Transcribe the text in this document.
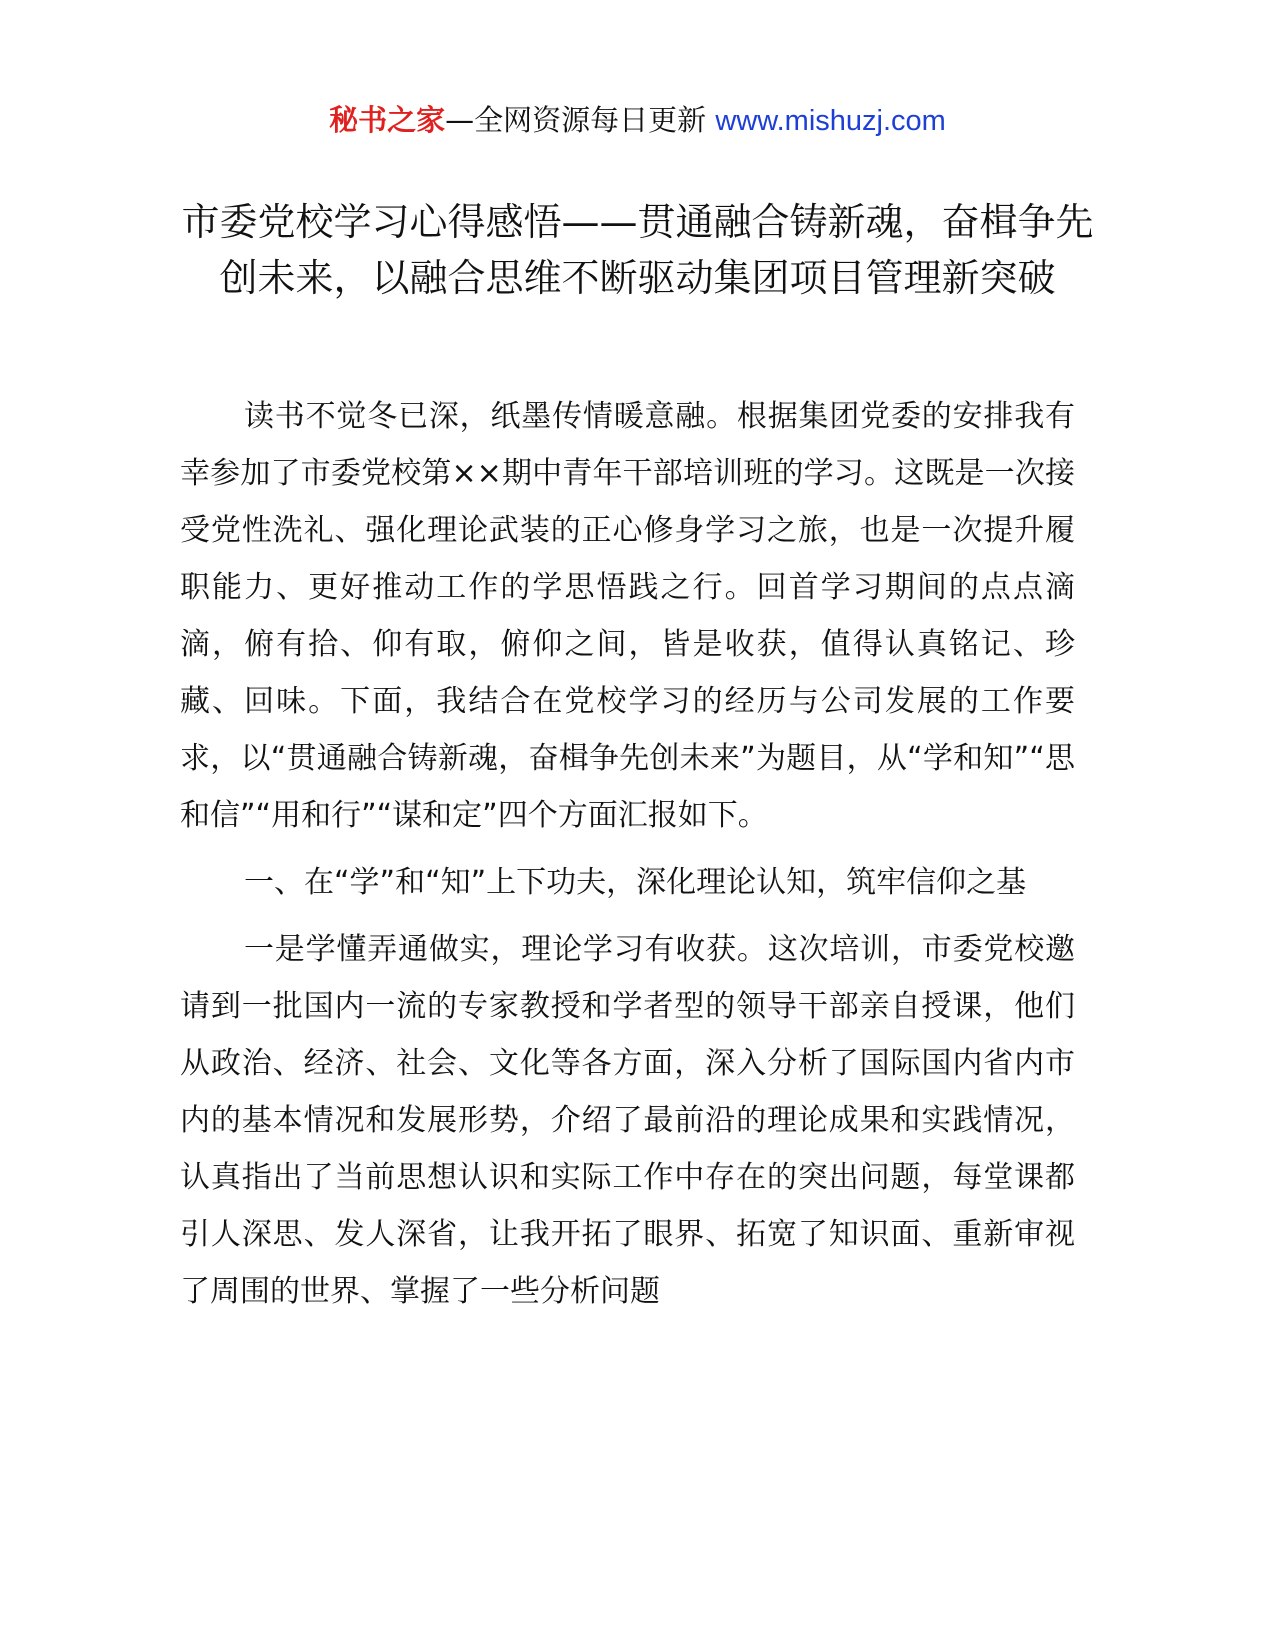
秘书之家—全网资源每日更新 www.mishuzj.com
市委党校学习心得感悟——贯通融合铸新魂，奋楫争先创未来，以融合思维不断驱动集团项目管理新突破

读书不觉冬已深，纸墨传情暖意融。根据集团党委的安排我有幸参加了市委党校第××期中青年干部培训班的学习。这既是一次接受党性洗礼、强化理论武装的正心修身学习之旅，也是一次提升履职能力、更好推动工作的学思悟践之行。回首学习期间的点点滴滴，俯有拾、仰有取，俯仰之间，皆是收获，值得认真铭记、珍藏、回味。下面，我结合在党校学习的经历与公司发展的工作要求，以“贯通融合铸新魂，奋楫争先创未来”为题目，从“学和知”“思和信”“用和行”“谋和定”四个方面汇报如下。

一、在“学”和“知”上下功夫，深化理论认知，筑牢信仰之基

一是学懂弄通做实，理论学习有收获。这次培训，市委党校邀请到一批国内一流的专家教授和学者型的领导干部亲自授课，他们从政治、经济、社会、文化等各方面，深入分析了国际国内省内市内的基本情况和发展形势，介绍了最前沿的理论成果和实践情况，认真指出了当前思想认识和实际工作中存在的突出问题，每堂课都引人深思、发人深省，让我开拓了眼界、拓宽了知识面、重新审视了周围的世界、掌握了一些分析问题
